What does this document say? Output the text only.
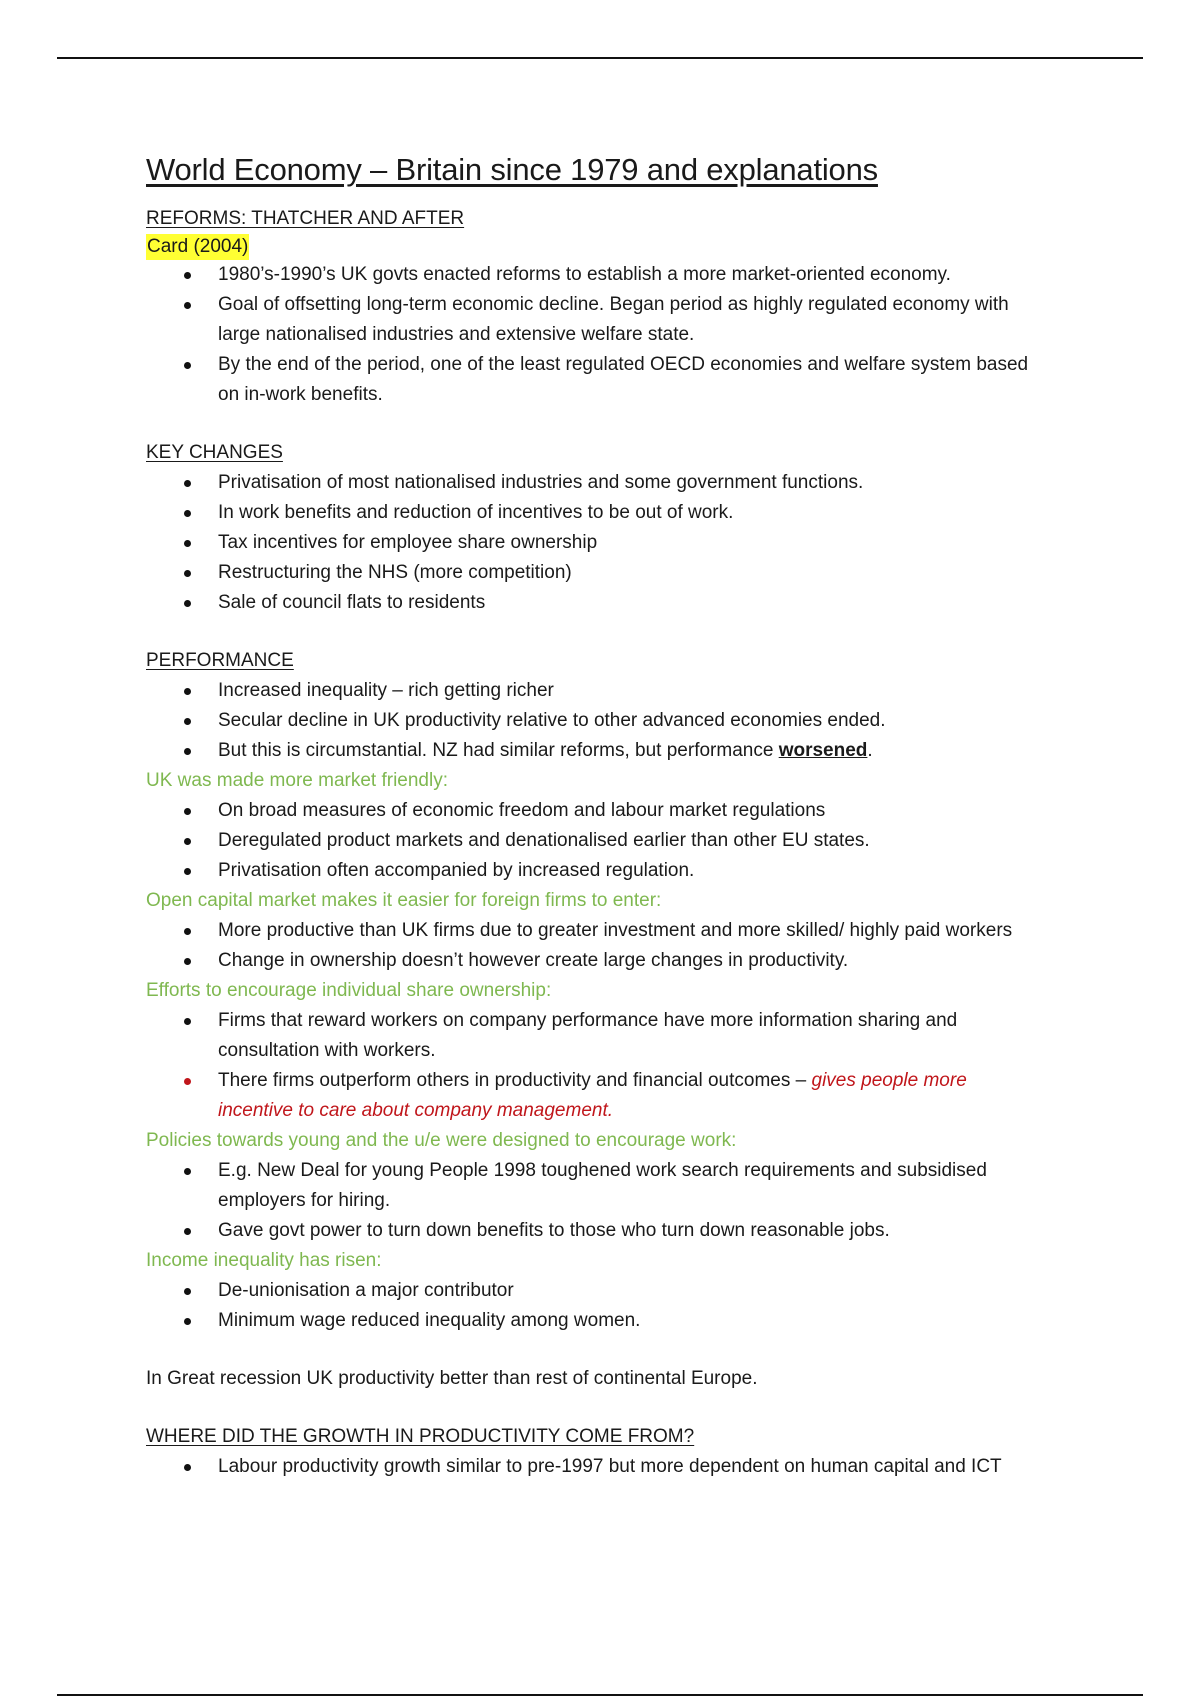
World Economy – Britain since 1979 and explanations

REFORMS: THATCHER AND AFTER

Card (2004)
1980’s-1990’s UK govts enacted reforms to establish a more market-oriented economy.
Goal of offsetting long-term economic decline. Began period as highly regulated economy with large nationalised industries and extensive welfare state.
By the end of the period, one of the least regulated OECD economies and welfare system based on in-work benefits.

KEY CHANGES

Privatisation of most nationalised industries and some government functions.
In work benefits and reduction of incentives to be out of work.
Tax incentives for employee share ownership
Restructuring the NHS (more competition)
Sale of council flats to residents

PERFORMANCE

Increased inequality – rich getting richer
Secular decline in UK productivity relative to other advanced economies ended.
But this is circumstantial. NZ had similar reforms, but performance worsened.

UK was made more market friendly:

On broad measures of economic freedom and labour market regulations
Deregulated product markets and denationalised earlier than other EU states.
Privatisation often accompanied by increased regulation.

Open capital market makes it easier for foreign firms to enter:

More productive than UK firms due to greater investment and more skilled/ highly paid workers
Change in ownership doesn’t however create large changes in productivity.

Efforts to encourage individual share ownership:

Firms that reward workers on company performance have more information sharing and consultation with workers.
There firms outperform others in productivity and financial outcomes – gives people more incentive to care about company management.

Policies towards young and the u/e were designed to encourage work:

E.g. New Deal for young People 1998 toughened work search requirements and subsidised employers for hiring.
Gave govt power to turn down benefits to those who turn down reasonable jobs.

Income inequality has risen:

De-unionisation a major contributor
Minimum wage reduced inequality among women.

In Great recession UK productivity better than rest of continental Europe.

WHERE DID THE GROWTH IN PRODUCTIVITY COME FROM?

Labour productivity growth similar to pre-1997 but more dependent on human capital and ICT
